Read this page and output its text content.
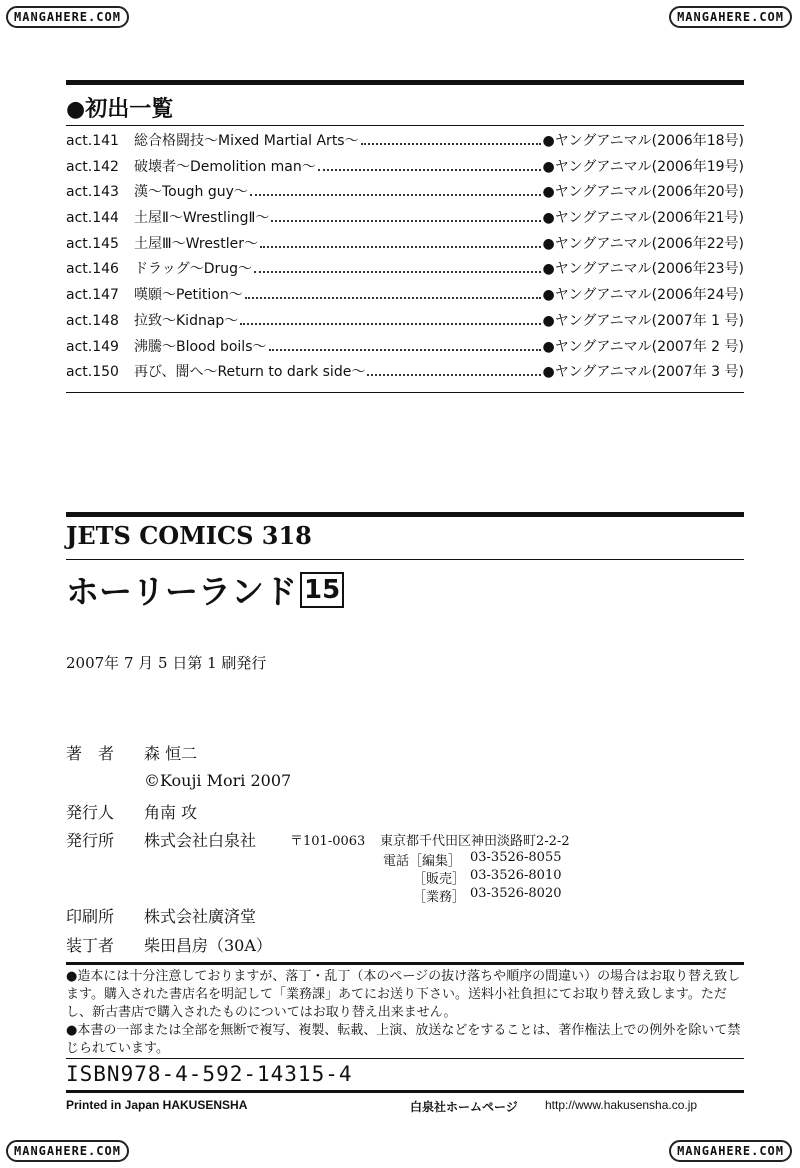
MANGAHERE.COM	MANGAHERE.COM
●初出一覧
act.141	総合格闘技〜Mixed Martial Arts〜	●ヤングアニマル(2006年18号)
act.142	破壊者〜Demolition man〜	●ヤングアニマル(2006年19号)
act.143	漢〜Tough guy〜	●ヤングアニマル(2006年20号)
act.144	土屋Ⅱ〜WrestlingⅡ〜	●ヤングアニマル(2006年21号)
act.145	土屋Ⅲ〜Wrestler〜	●ヤングアニマル(2006年22号)
act.146	ドラッグ〜Drug〜	●ヤングアニマル(2006年23号)
act.147	嘆願〜Petition〜	●ヤングアニマル(2006年24号)
act.148	拉致〜Kidnap〜	●ヤングアニマル(2007年 1 号)
act.149	沸騰〜Blood boils〜	●ヤングアニマル(2007年 2 号)
act.150	再び、闇へ〜Return to dark side〜	●ヤングアニマル(2007年 3 号)
JETS COMICS 318
ホーリーランド 15
2007年 7 月 5 日第 1 刷発行
著　者 森 恒二
©Kouji Mori 2007
発行人 角南 攻
発行所 株式会社白泉社	〒101-0063 東京都千代田区神田淡路町2-2-2
電話［編集］ 03-3526-8055
［販売］ 03-3526-8010
［業務］ 03-3526-8020
印刷所 株式会社廣済堂
装丁者 柴田昌房（30A）

●造本には十分注意しておりますが、落丁・乱丁（本のページの抜け落ちや順序の間違い）の場合はお取り替え致します。購入された書店名を明記して「業務課」あてにお送り下さい。送料小社負担にてお取り替え致します。ただし、新古書店で購入されたものについてはお取り替え出来ません。

●本書の一部または全部を無断で複写、複製、転載、上演、放送などをすることは、著作権法上での例外を除いて禁じられています。

ISBN978-4-592-14315-4
Printed in Japan HAKUSENSHA	白泉社ホームページ http://www.hakusensha.co.jp
MANGAHERE.COM	MANGAHERE.COM
